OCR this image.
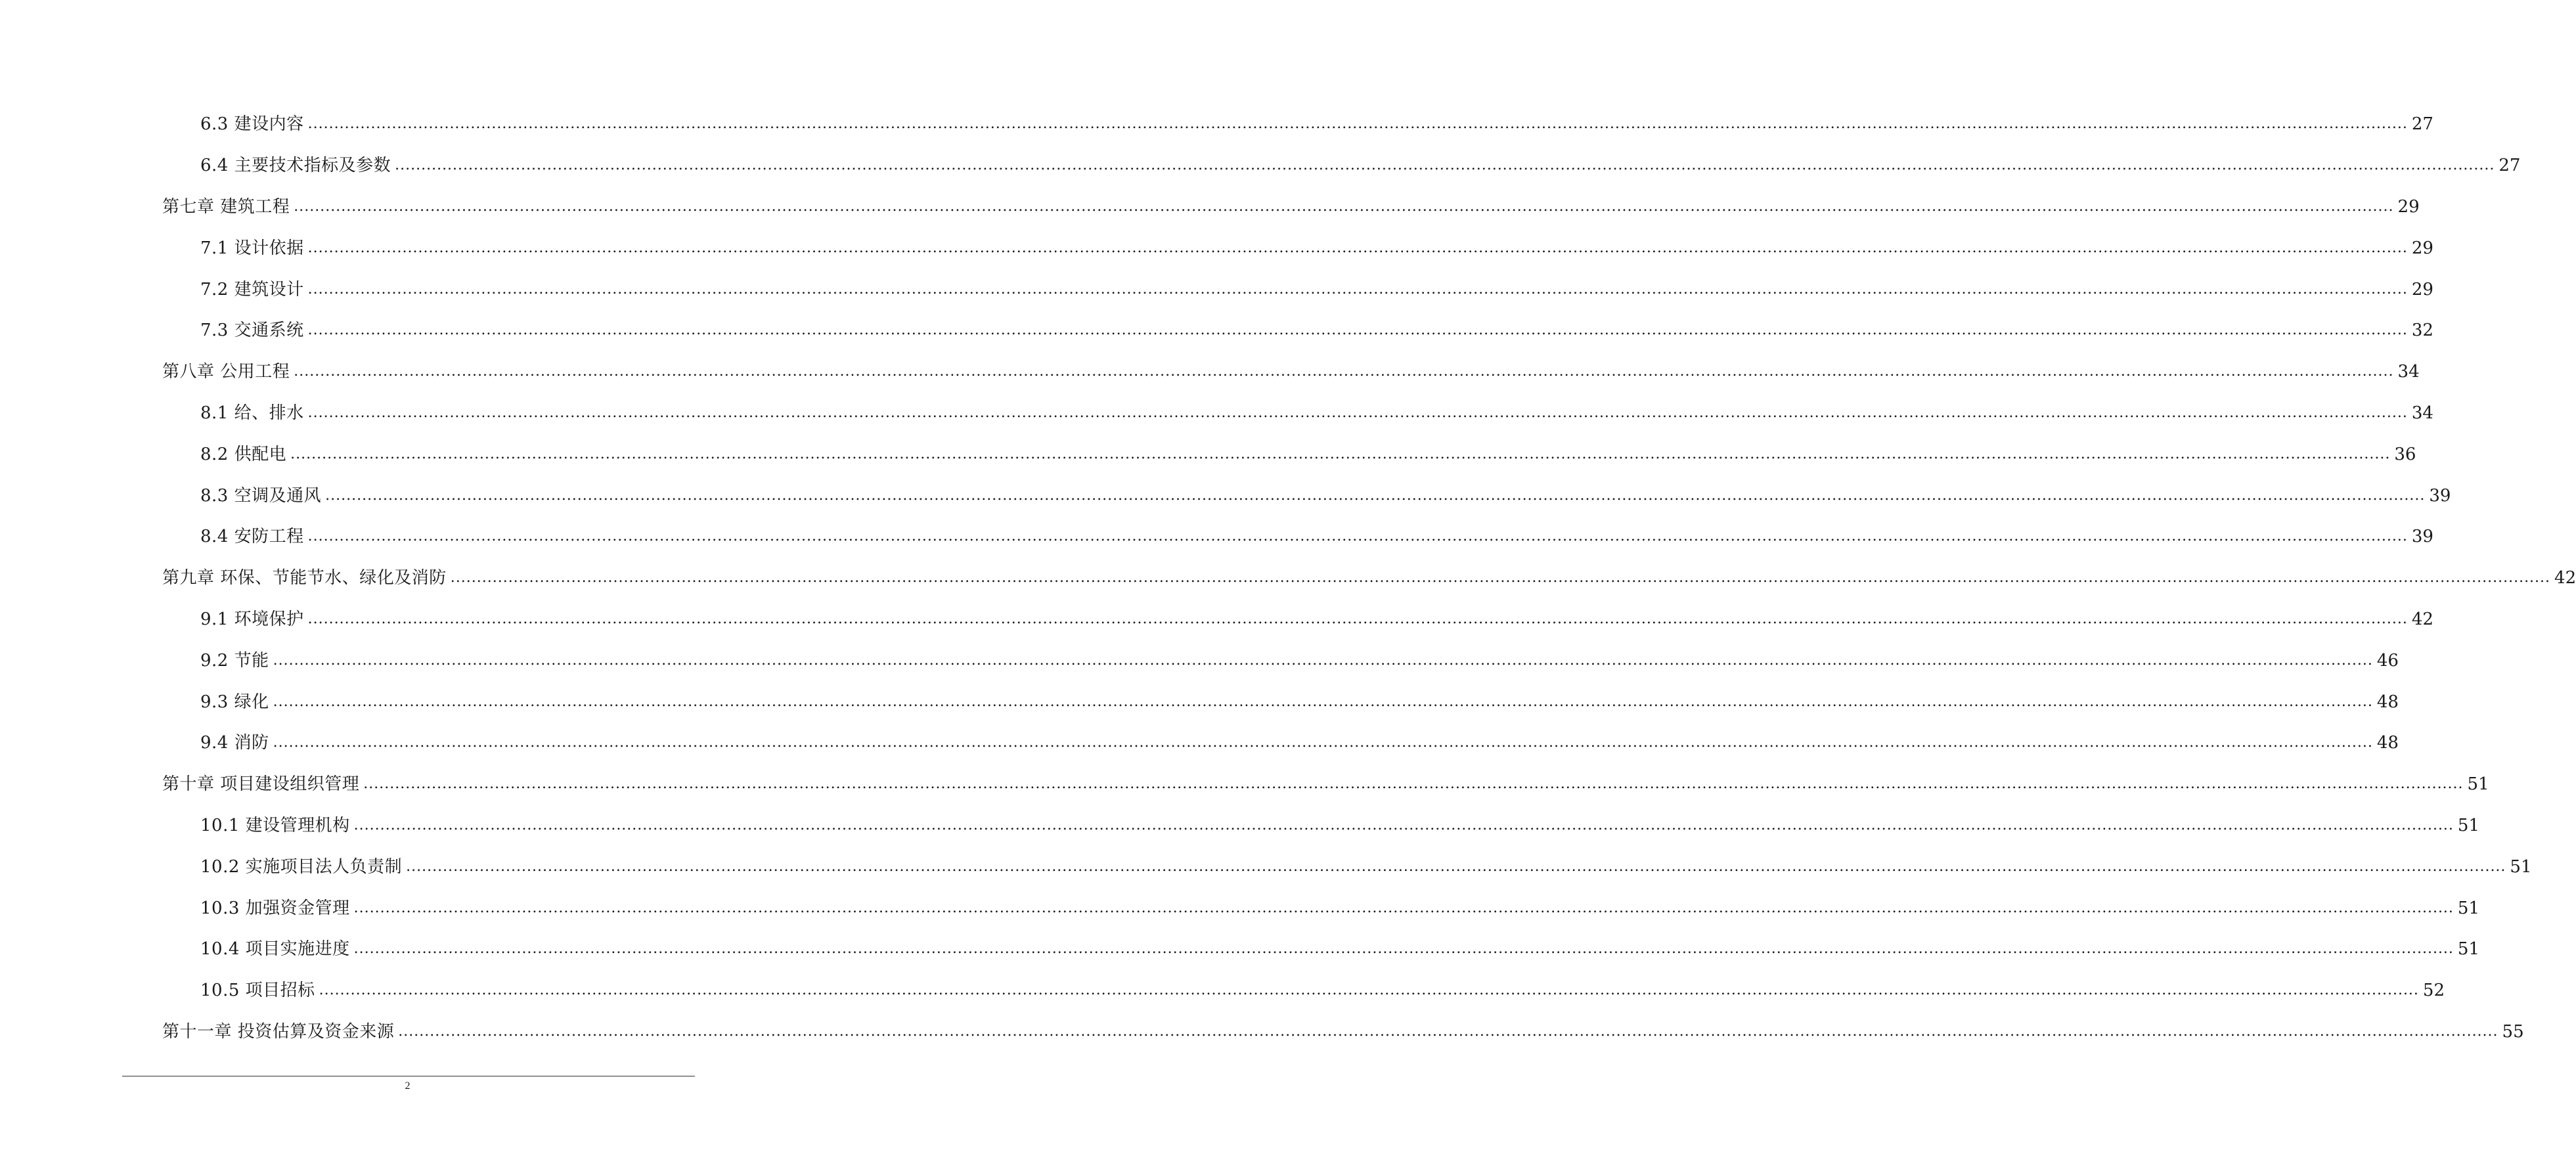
6.3 建设内容 ................................................................................................................................................................................................................................................................................................................................................................................................................ 27
6.4 主要技术指标及参数 ................................................................................................................................................................................................................................................................................................................................................................................................................ 27
第七章 建筑工程 ................................................................................................................................................................................................................................................................................................................................................................................................................ 29
7.1 设计依据 ................................................................................................................................................................................................................................................................................................................................................................................................................ 29
7.2 建筑设计 ................................................................................................................................................................................................................................................................................................................................................................................................................ 29
7.3 交通系统 ................................................................................................................................................................................................................................................................................................................................................................................................................ 32
第八章 公用工程 ................................................................................................................................................................................................................................................................................................................................................................................................................ 34
8.1 给、排水 ................................................................................................................................................................................................................................................................................................................................................................................................................ 34
8.2 供配电 ................................................................................................................................................................................................................................................................................................................................................................................................................ 36
8.3 空调及通风 ................................................................................................................................................................................................................................................................................................................................................................................................................ 39
8.4 安防工程 ................................................................................................................................................................................................................................................................................................................................................................................................................ 39
第九章 环保、节能节水、绿化及消防 ................................................................................................................................................................................................................................................................................................................................................................................................................ 42
9.1 环境保护 ................................................................................................................................................................................................................................................................................................................................................................................................................ 42
9.2 节能 ................................................................................................................................................................................................................................................................................................................................................................................................................ 46
9.3 绿化 ................................................................................................................................................................................................................................................................................................................................................................................................................ 48
9.4 消防 ................................................................................................................................................................................................................................................................................................................................................................................................................ 48
第十章 项目建设组织管理 ................................................................................................................................................................................................................................................................................................................................................................................................................ 51
10.1 建设管理机构 ................................................................................................................................................................................................................................................................................................................................................................................................................ 51
10.2 实施项目法人负责制 ................................................................................................................................................................................................................................................................................................................................................................................................................ 51
10.3 加强资金管理 ................................................................................................................................................................................................................................................................................................................................................................................................................ 51
10.4 项目实施进度 ................................................................................................................................................................................................................................................................................................................................................................................................................ 51
10.5 项目招标 ................................................................................................................................................................................................................................................................................................................................................................................................................ 52
第十一章 投资估算及资金来源 ................................................................................................................................................................................................................................................................................................................................................................................................................ 55
2
